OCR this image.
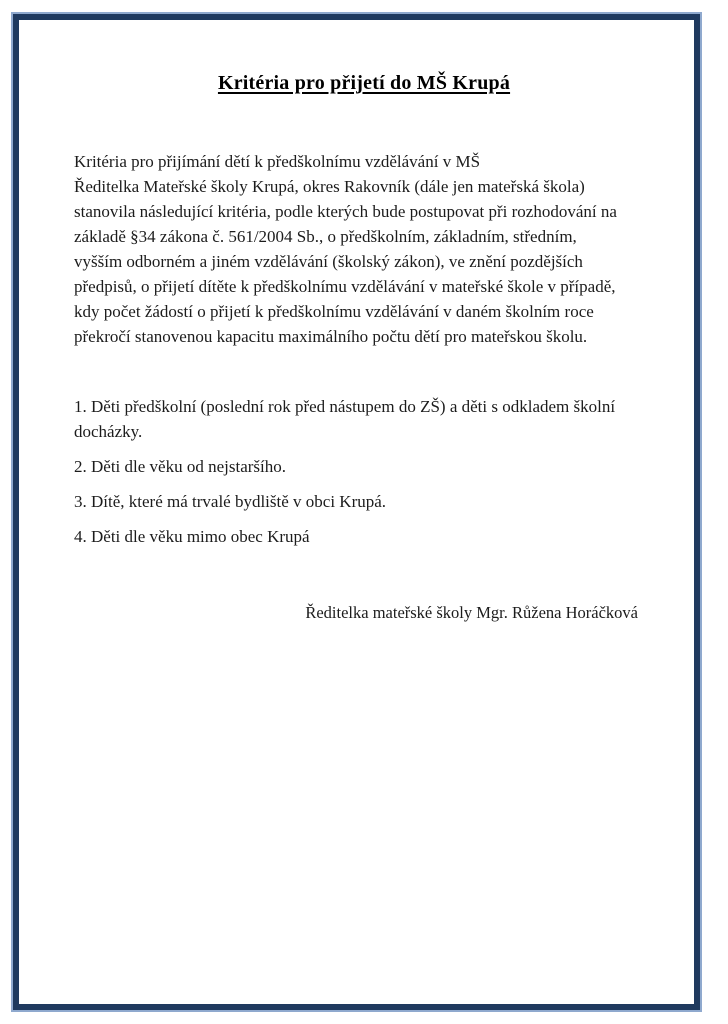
Kritéria pro přijetí do MŠ Krupá
Kritéria pro přijímání dětí k předškolnímu vzdělávání v MŠ
Ředitelka Mateřské školy Krupá, okres Rakovník (dále jen mateřská škola)
stanovila následující kritéria, podle kterých bude postupovat při rozhodování na
základě §34 zákona č. 561/2004 Sb., o předškolním, základním, středním,
vyšším odborném a jiném vzdělávání (školský zákon), ve znění pozdějších
předpisů, o přijetí dítěte k předškolnímu vzdělávání v mateřské škole v případě,
kdy počet žádostí o přijetí k předškolnímu vzdělávání v daném školním roce
překročí stanovenou kapacitu maximálního počtu dětí pro mateřskou školu.
1. Děti předškolní (poslední rok před nástupem do ZŠ) a děti s odkladem školní
docházky.
2. Děti dle věku od nejstaršího.
3. Dítě, které má trvalé bydliště v obci Krupá.
4. Děti dle věku mimo obec Krupá
Ředitelka mateřské školy Mgr. Růžena Horáčková
